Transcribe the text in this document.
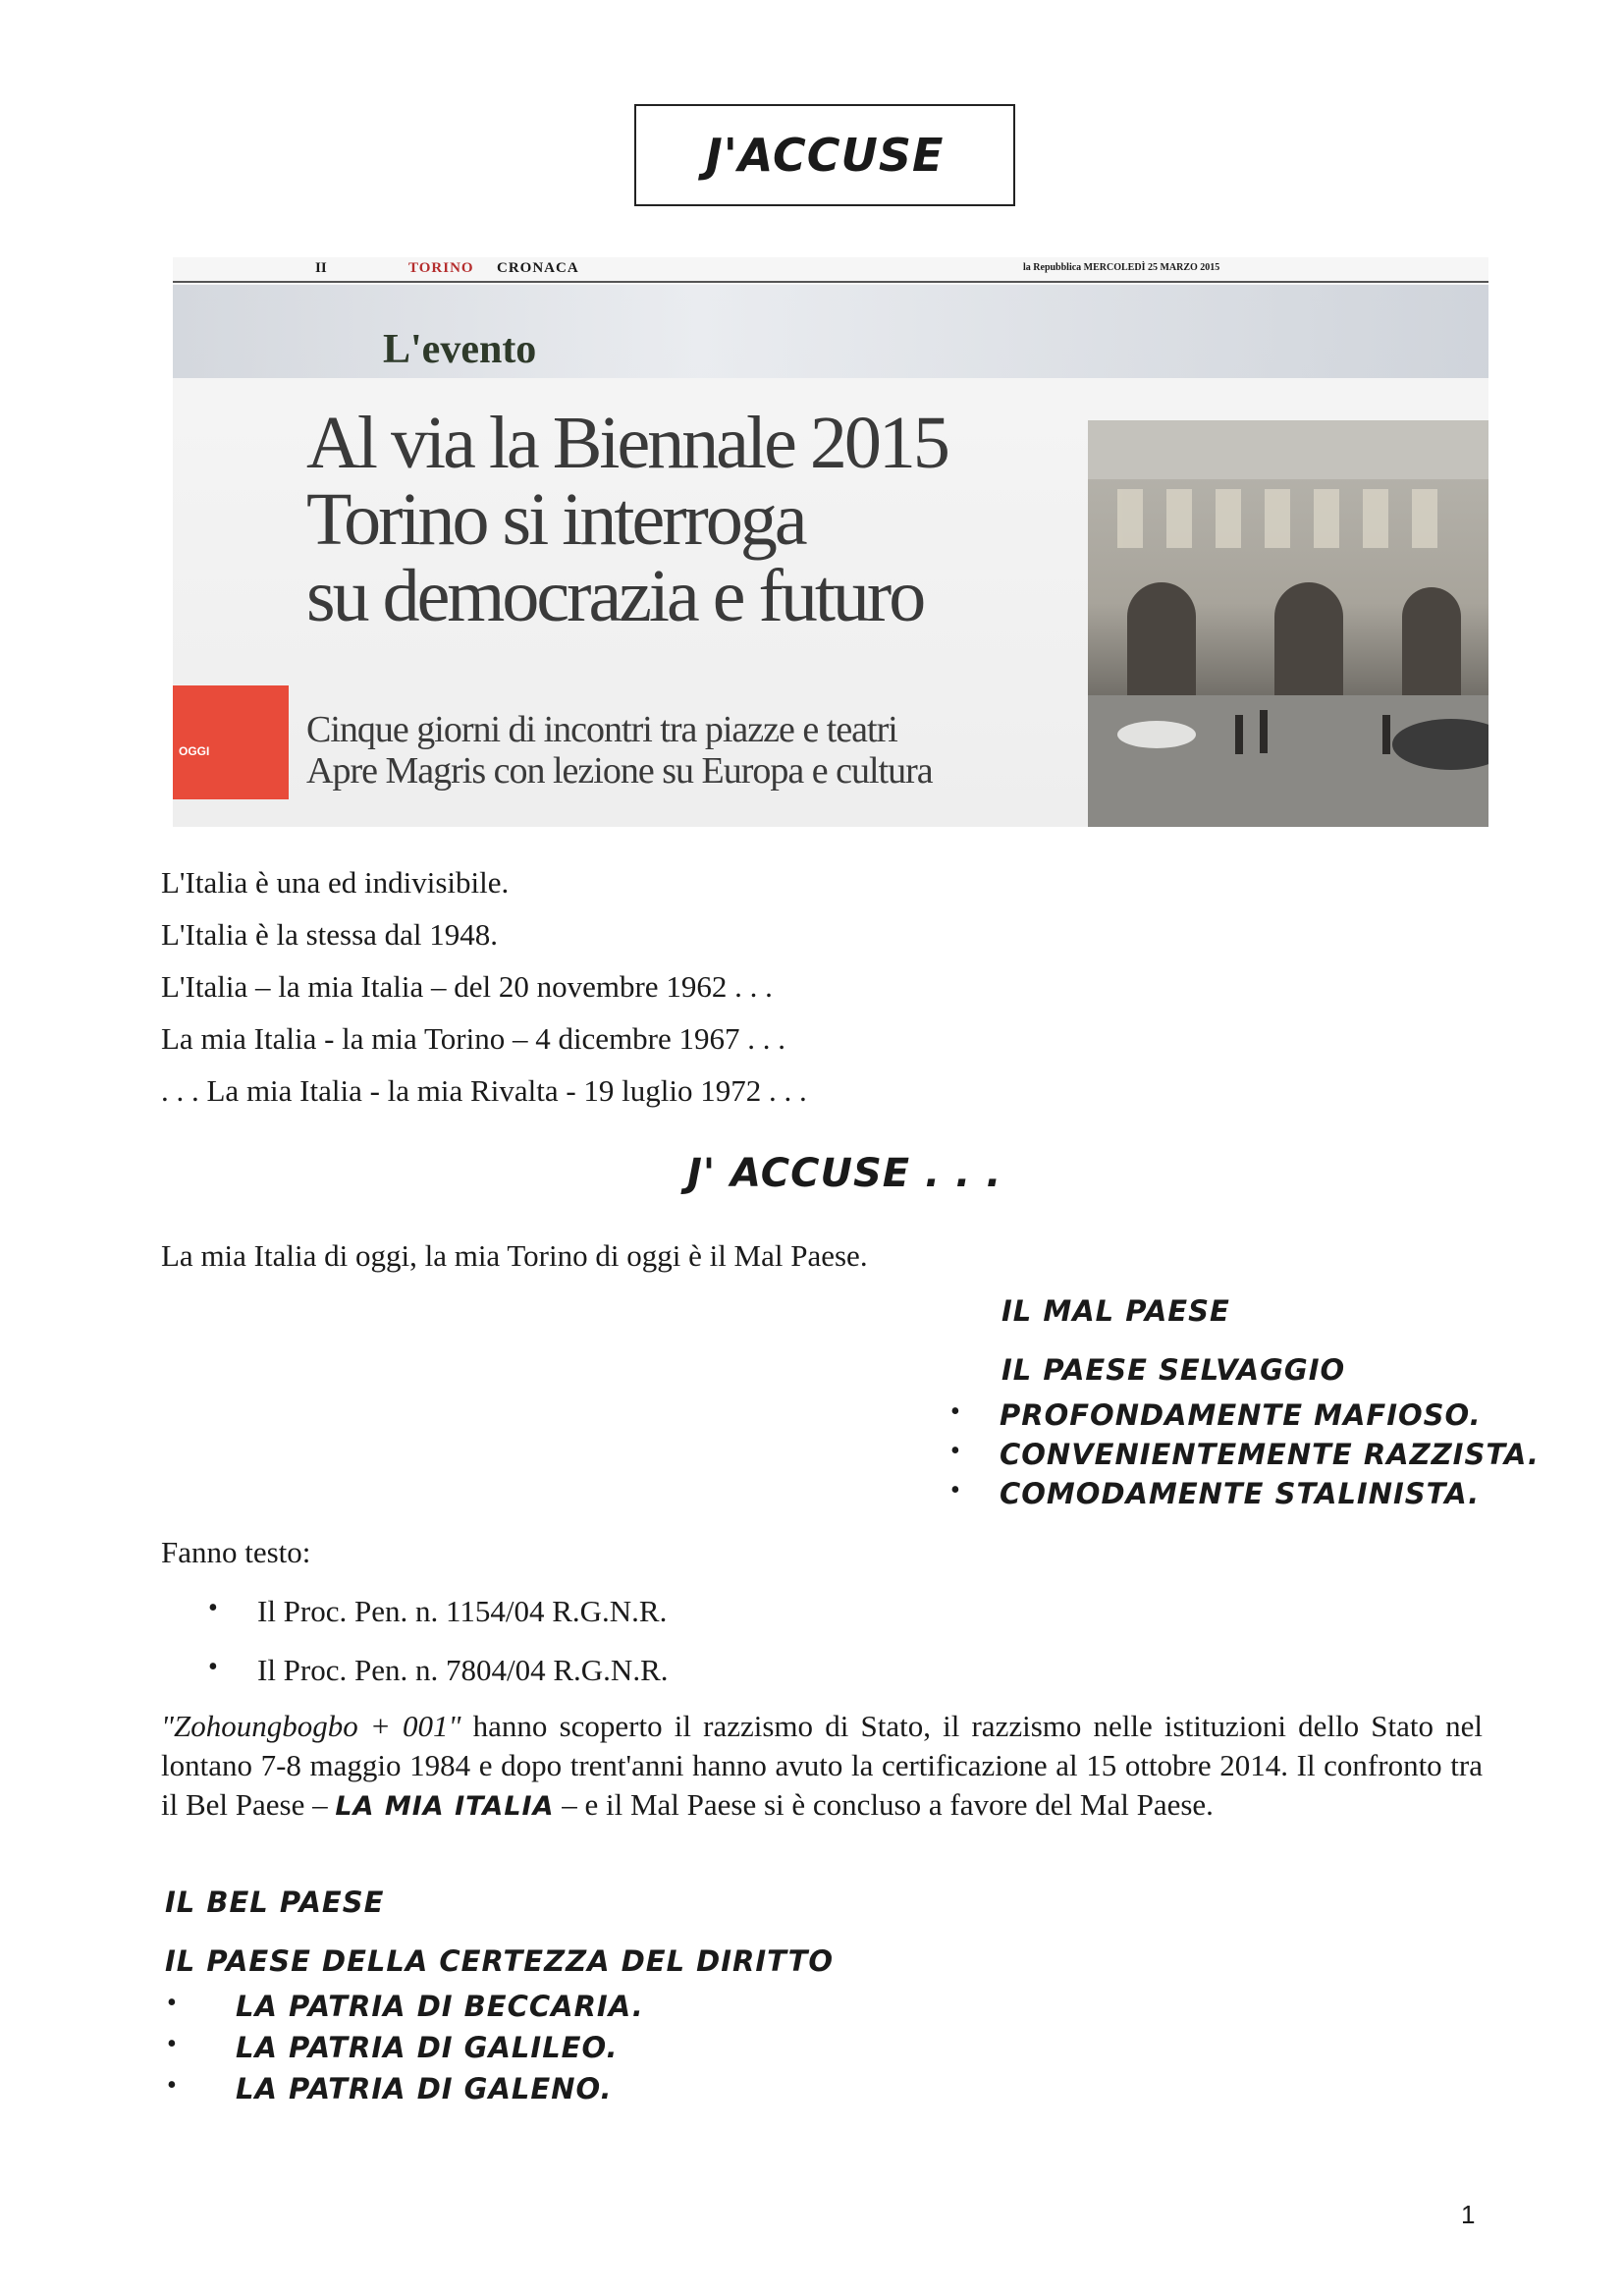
J'ACCUSE
II	TORINO CRONACA	la Repubblica MERCOLEDÌ 25 MARZO 2015
L'evento
Al via la Biennale 2015
Torino si interroga
su democrazia e futuro
Cinque giorni di incontri tra piazze e teatri
Apre Magris con lezione su Europa e cultura
OGGI
L'Italia è una ed indivisibile.
L'Italia è la stessa dal 1948.
L'Italia – la mia Italia – del 20 novembre 1962 . . .
La mia Italia - la mia Torino – 4 dicembre 1967 . . .
. . . La mia Italia - la mia Rivalta - 19 luglio 1972 . . .
J' ACCUSE . . .
La mia Italia di oggi, la mia Torino di oggi è il Mal Paese.
IL MAL PAESE
IL PAESE SELVAGGIO
• PROFONDAMENTE MAFIOSO.
• CONVENIENTEMENTE RAZZISTA.
• COMODAMENTE STALINISTA.
Fanno testo:
• Il Proc. Pen. n. 1154/04 R.G.N.R.
• Il Proc. Pen. n. 7804/04 R.G.N.R.
"Zohoungbogbo + 001" hanno scoperto il razzismo di Stato, il razzismo nelle istituzioni dello Stato nel lontano 7-8 maggio 1984 e dopo trent'anni hanno avuto la certificazione al 15 ottobre 2014. Il confronto tra il Bel Paese – LA MIA ITALIA – e il Mal Paese si è concluso a favore del Mal Paese.
IL BEL PAESE
IL PAESE DELLA CERTEZZA DEL DIRITTO
• LA PATRIA DI BECCARIA.
• LA PATRIA DI GALILEO.
• LA PATRIA DI GALENO.
1
